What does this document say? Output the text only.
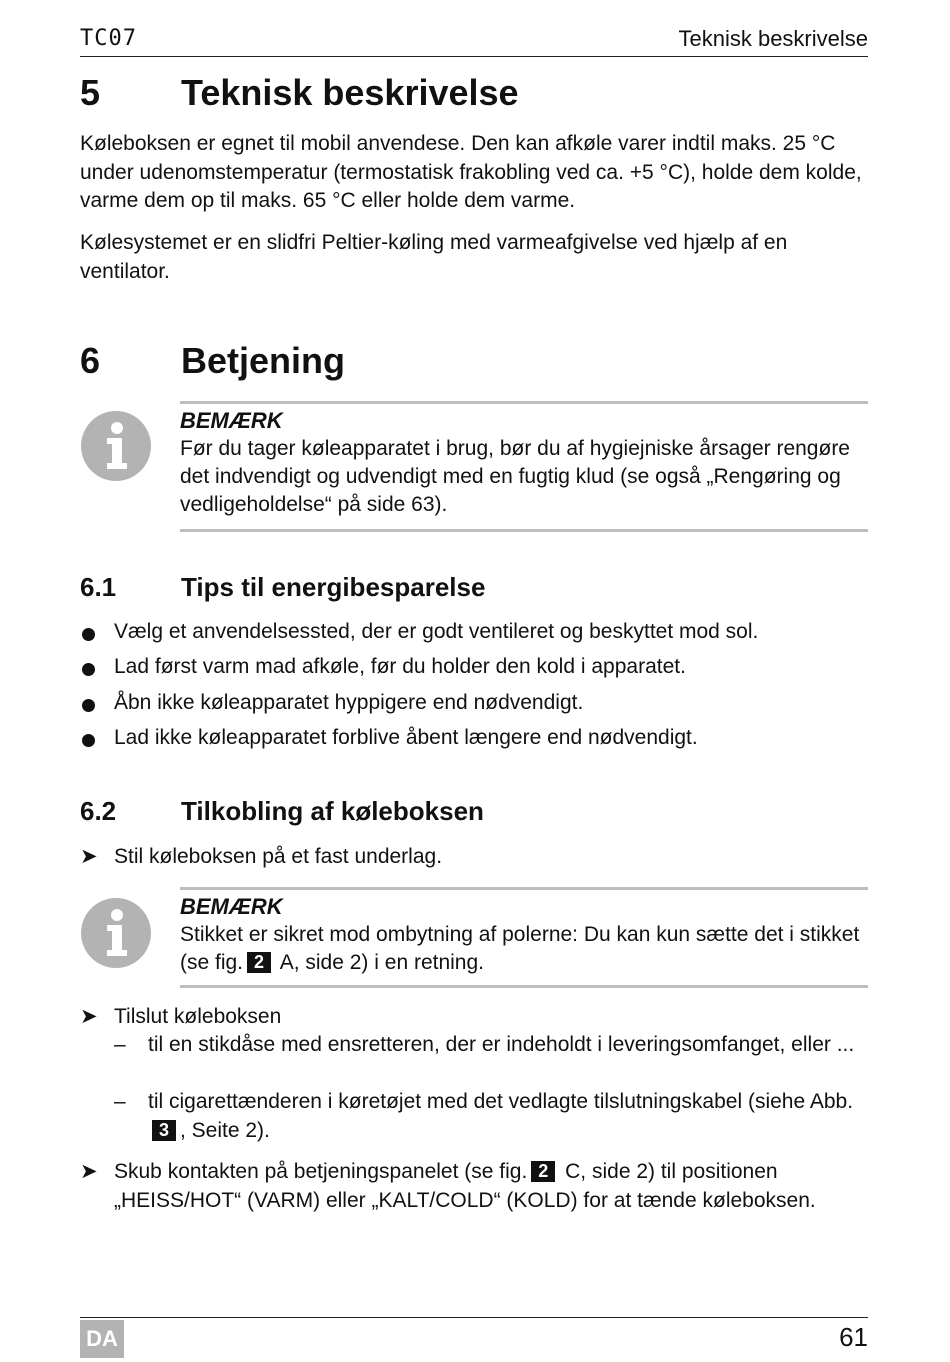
TC07	Teknisk beskrivelse
5 Teknisk beskrivelse
Køleboksen er egnet til mobil anvendese. Den kan afkøle varer indtil maks. 25 °C under udenomstemperatur (termostatisk frakobling ved ca. +5 °C), holde dem kolde, varme dem op til maks. 65 °C eller holde dem varme.
Kølesystemet er en slidfri Peltier-køling med varmeafgivelse ved hjælp af en ventilator.
6 Betjening
BEMÆRK
Før du tager køleapparatet i brug, bør du af hygiejniske årsager rengøre det indvendigt og udvendigt med en fugtig klud (se også „Rengøring og vedligeholdelse“ på side 63).
6.1 Tips til energibesparelse
Vælg et anvendelsessted, der er godt ventileret og beskyttet mod sol.
Lad først varm mad afkøle, før du holder den kold i apparatet.
Åbn ikke køleapparatet hyppigere end nødvendigt.
Lad ikke køleapparatet forblive åbent længere end nødvendigt.
6.2 Tilkobling af køleboksen
➤ Stil køleboksen på et fast underlag.
BEMÆRK
Stikket er sikret mod ombytning af polerne: Du kan kun sætte det i stikket (se fig. 2 A, side 2) i en retning.
➤ Tilslut køleboksen
– til en stikdåse med ensretteren, der er indeholdt i leveringsomfanget, eller ...
– til cigarettænderen i køretøjet med det vedlagte tilslutningskabel (siehe Abb.3 , Seite 2).
➤ Skub kontakten på betjeningspanelet (se fig. 2 C, side 2) til positionen „HEISS/HOT“ (VARM) eller „KALT/COLD“ (KOLD) for at tænde køleboksen.
DA	61
